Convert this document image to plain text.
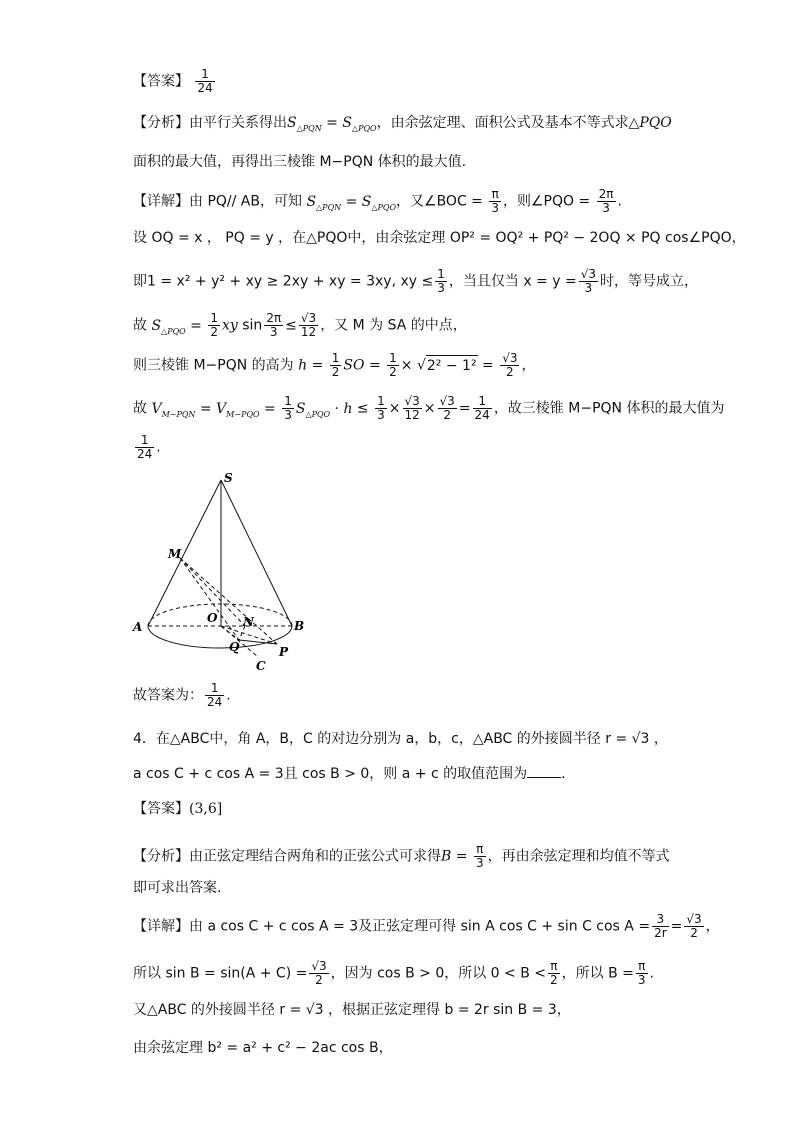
【答案】 $\frac{1}{24}$
【分析】由平行关系得出$S_{\triangle PQN} = S_{\triangle PQO}$，由余弦定理、面积公式及基本不等式求△PQO
面积的最大值，再得出三棱锥 M−PQN 体积的最大值.
【详解】由 PQ// AB，可知 $S_{\triangle PQN} = S_{\triangle PQO}$，又∠BOC = $\frac{\pi}{3}$ ，则∠PQO = $\frac{2\pi}{3}$ .
设 OQ = x ， PQ = y ，在△PQO中，由余弦定理 OP² = OQ² + PQ² − 2OQ × PQ cos∠PQO，
即1 = x² + y² + xy ≥ 2xy + xy = 3xy, xy ≤ $\frac{1}{3}$ ，当且仅当 $x = y = \frac{√3}{3}$ 时，等号成立，
故 $S_{\triangle PQO} = \frac{1}{2}$ xy $\sin \frac{2\pi}{3} \le \frac{√3}{12}$ ，又 M 为 SA 的中点，
则三棱锥 M−PQN 的高为 $h = \frac{1}{2}$ SO = $\frac{1}{2} \times √2^2 - 1^2 = \frac{√3}{2}$ ，
故 $V_{M-PQN} = V_{M-PQO} = \frac{1}{3} S_{\triangle PQO} \cdot h \le \frac{1}{3} \times \frac{√3}{12} \times \frac{√3}{2} = \frac{1}{24}$ ，故三棱锥 M−PQN 体积的最大值为
$\frac{1}{24}$ .
S
M
A
O N	B
Q	P
C
故答案为： $\frac{1}{24}$ .
4．在△ABC中，角 A，B，C 的对边分别为 a，b，c，△ABC 的外接圆半径 r = √3 ，
a cos C + c cos A = 3且 cos B > 0，则 a + c 的取值范围为 ．
【答案】(3,6]
【分析】由正弦定理结合两角和的正弦公式可求得$B = \frac{\pi}{3}$ ，再由余弦定理和均值不等式
即可求出答案.
【详解】由 a cos C + c cos A = 3及正弦定理可得 sin A cos C + sin C $\cos A = \frac{3}{2r} = \frac{√3}{2}$ ，
所以 $\sin B = \sin(A + C) = \frac{√3}{2}$ ，因为 cos B > 0，所以 $0 < B < \frac{\pi}{2}$ ，所以 $B = \frac{\pi}{3}$ .
又△ABC 的外接圆半径 r = √3 ，根据正弦定理得 b = 2r sin B = 3，
由余弦定理 b² = a² + c² − 2ac cos B，
